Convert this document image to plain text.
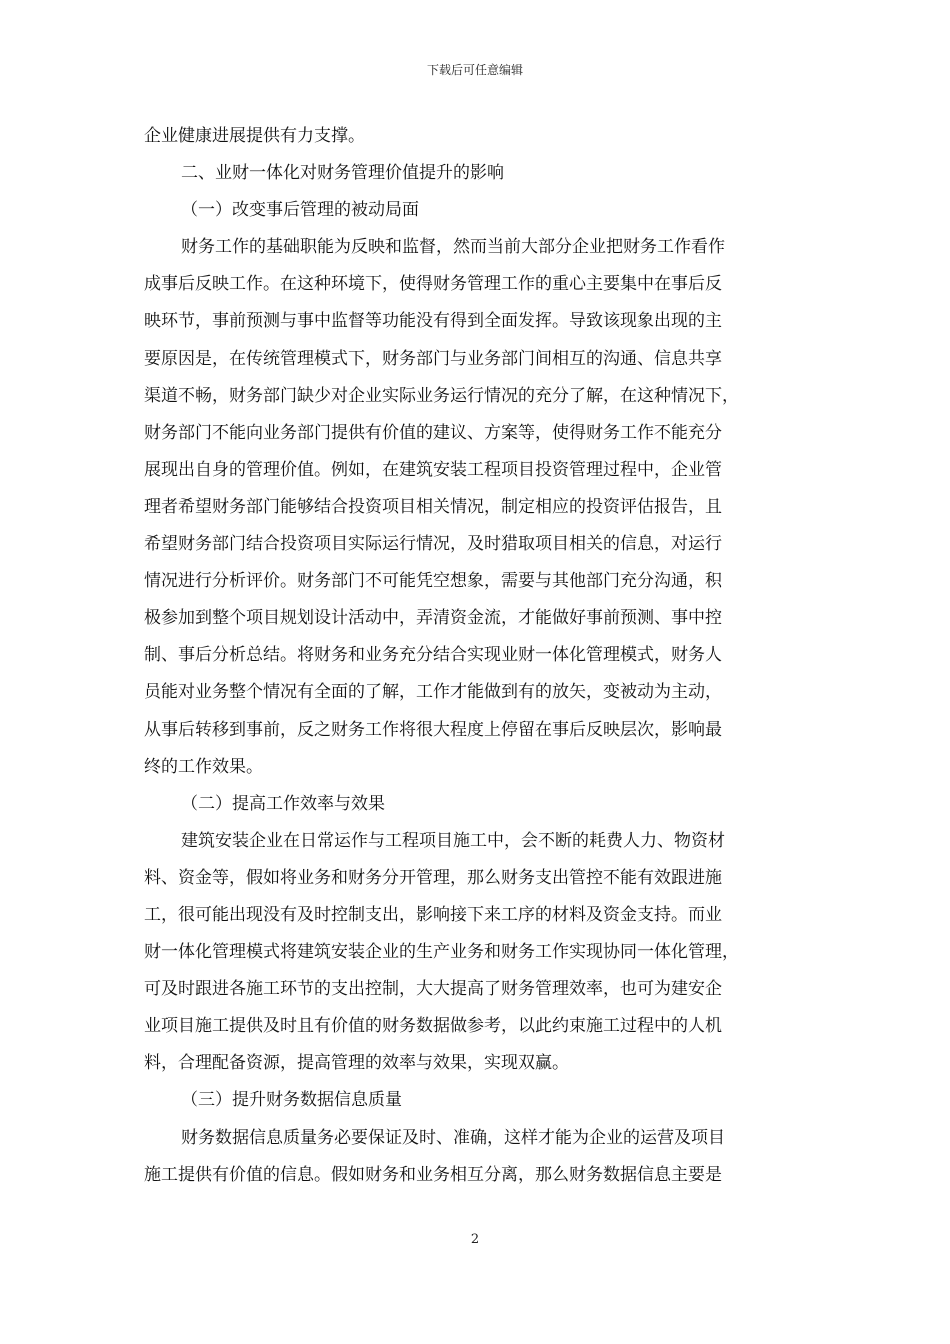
下载后可任意编辑
企业健康进展提供有力支撑。
二、业财一体化对财务管理价值提升的影响
（一）改变事后管理的被动局面
财务工作的基础职能为反映和监督，然而当前大部分企业把财务工作看作
成事后反映工作。在这种环境下，使得财务管理工作的重心主要集中在事后反
映环节，事前预测与事中监督等功能没有得到全面发挥。导致该现象出现的主
要原因是，在传统管理模式下，财务部门与业务部门间相互的沟通、信息共享
渠道不畅，财务部门缺少对企业实际业务运行情况的充分了解，在这种情况下，
财务部门不能向业务部门提供有价值的建议、方案等，使得财务工作不能充分
展现出自身的管理价值。例如，在建筑安装工程项目投资管理过程中，企业管
理者希望财务部门能够结合投资项目相关情况，制定相应的投资评估报告，且
希望财务部门结合投资项目实际运行情况，及时猎取项目相关的信息，对运行
情况进行分析评价。财务部门不可能凭空想象，需要与其他部门充分沟通，积
极参加到整个项目规划设计活动中，弄清资金流，才能做好事前预测、事中控
制、事后分析总结。将财务和业务充分结合实现业财一体化管理模式，财务人
员能对业务整个情况有全面的了解，工作才能做到有的放矢，变被动为主动，
从事后转移到事前，反之财务工作将很大程度上停留在事后反映层次，影响最
终的工作效果。
（二）提高工作效率与效果
建筑安装企业在日常运作与工程项目施工中，会不断的耗费人力、物资材
料、资金等，假如将业务和财务分开管理，那么财务支出管控不能有效跟进施
工，很可能出现没有及时控制支出，影响接下来工序的材料及资金支持。而业
财一体化管理模式将建筑安装企业的生产业务和财务工作实现协同一体化管理，
可及时跟进各施工环节的支出控制，大大提高了财务管理效率，也可为建安企
业项目施工提供及时且有价值的财务数据做参考，以此约束施工过程中的人机
料，合理配备资源，提高管理的效率与效果，实现双赢。
（三）提升财务数据信息质量
财务数据信息质量务必要保证及时、准确，这样才能为企业的运营及项目
施工提供有价值的信息。假如财务和业务相互分离，那么财务数据信息主要是
2
